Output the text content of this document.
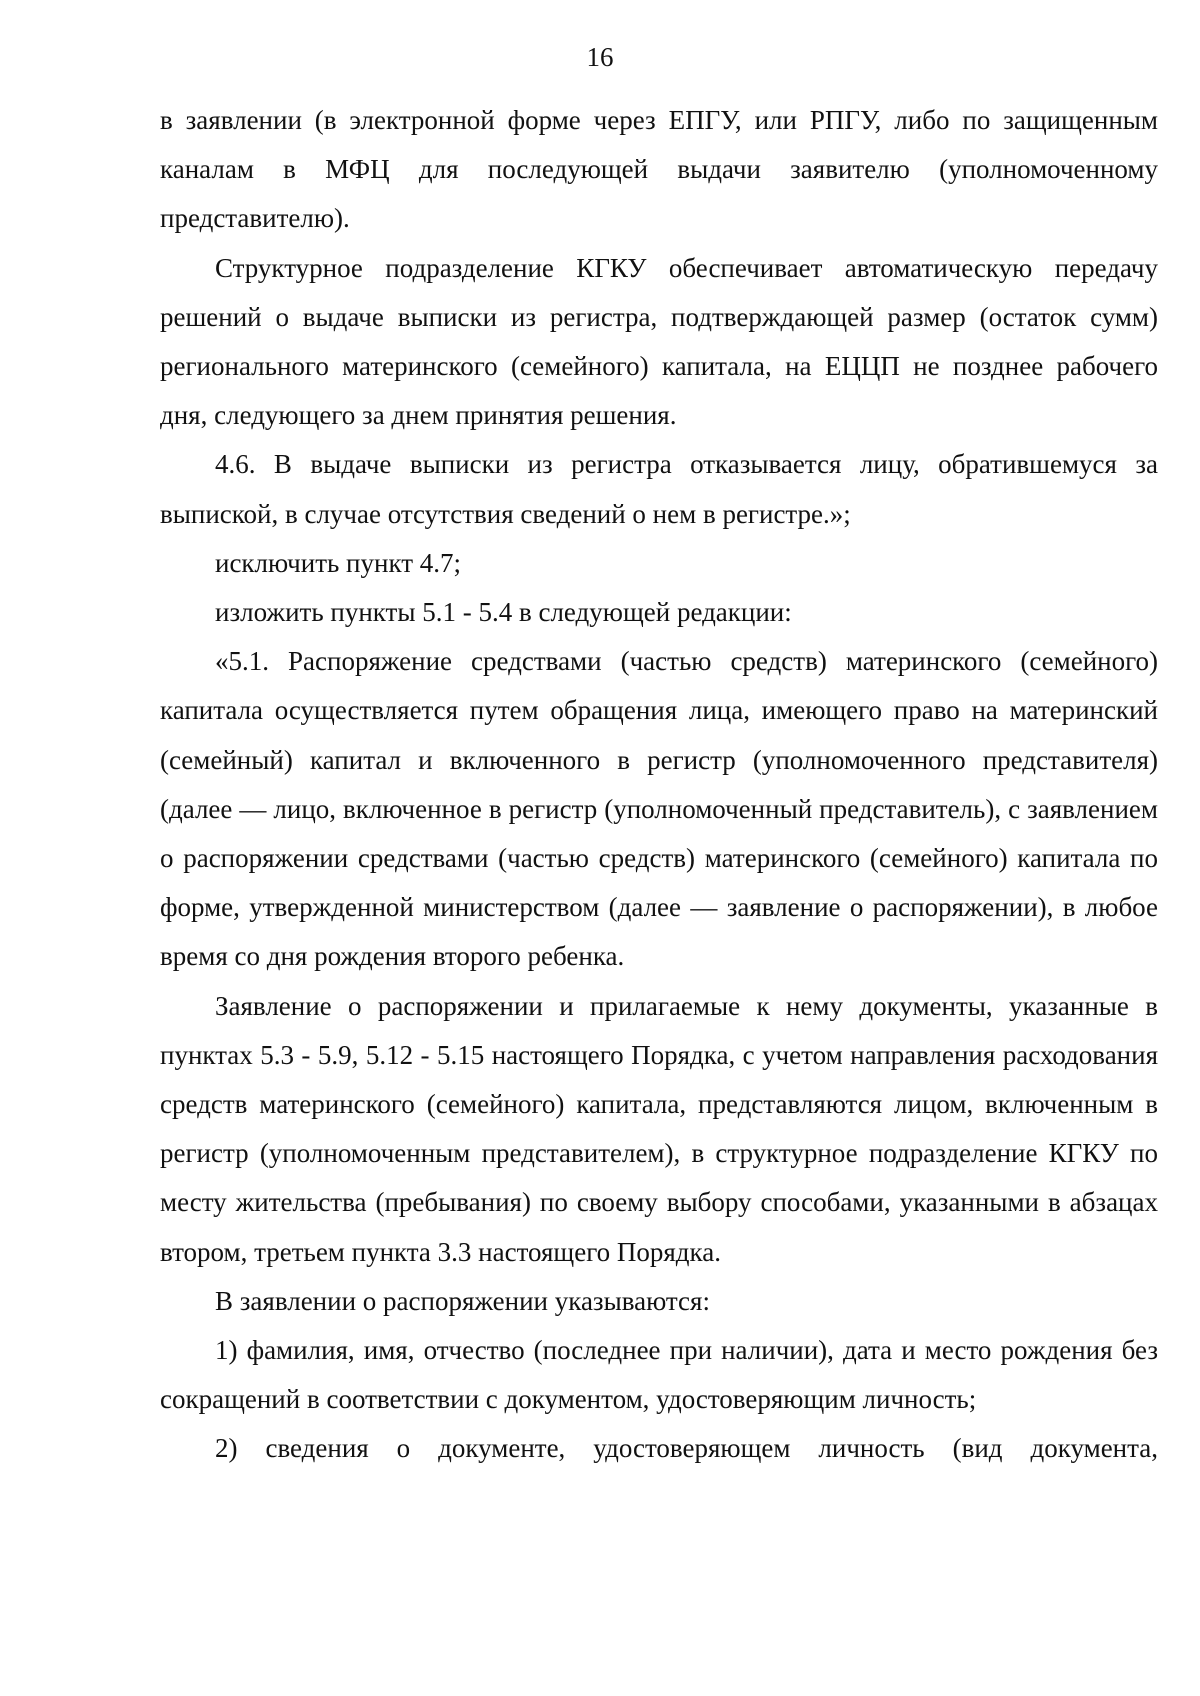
16

в заявлении (в электронной форме через ЕПГУ, или РПГУ, либо по защищенным каналам в МФЦ для последующей выдачи заявителю (уполномоченному представителю).

Структурное подразделение КГКУ обеспечивает автоматическую передачу решений о выдаче выписки из регистра, подтверждающей размер (остаток сумм) регионального материнского (семейного) капитала, на ЕЦЦП не позднее рабочего дня, следующего за днем принятия решения.

4.6. В выдаче выписки из регистра отказывается лицу, обратившемуся за выпиской, в случае отсутствия сведений о нем в регистре.»;

исключить пункт 4.7;

изложить пункты 5.1 - 5.4 в следующей редакции:

«5.1. Распоряжение средствами (частью средств) материнского (семейного) капитала осуществляется путем обращения лица, имеющего право на материнский (семейный) капитал и включенного в регистр (уполномоченного представителя) (далее — лицо, включенное в регистр (уполномоченный представитель), с заявлением о распоряжении средствами (частью средств) материнского (семейного) капитала по форме, утвержденной министерством (далее — заявление о распоряжении), в любое время со дня рождения второго ребенка.

Заявление о распоряжении и прилагаемые к нему документы, указанные в пунктах 5.3 - 5.9, 5.12 - 5.15 настоящего Порядка, с учетом направления расходования средств материнского (семейного) капитала, представляются лицом, включенным в регистр (уполномоченным представителем), в структурное подразделение КГКУ по месту жительства (пребывания) по своему выбору способами, указанными в абзацах втором, третьем пункта 3.3 настоящего Порядка.

В заявлении о распоряжении указываются:

1) фамилия, имя, отчество (последнее при наличии), дата и место рождения без сокращений в соответствии с документом, удостоверяющим личность;

2) сведения о документе, удостоверяющем личность (вид документа,
